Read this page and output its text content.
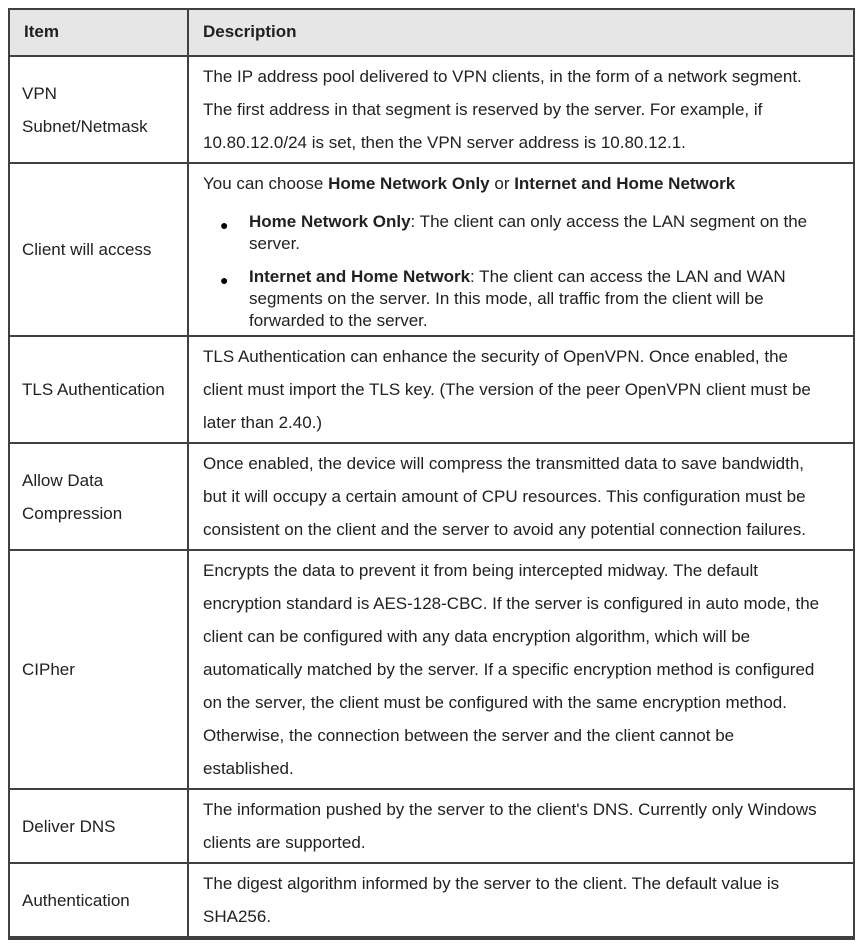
Item	Description

VPN
Subnet/Netmask	The IP address pool delivered to VPN clients, in the form of a network segment. The first address in that segment is reserved by the server. For example, if 10.80.12.0/24 is set, then the VPN server address is 10.80.12.1.

Client will access	You can choose Home Network Only or Internet and Home Network
● Home Network Only: The client can only access the LAN segment on the server.
● Internet and Home Network: The client can access the LAN and WAN segments on the server. In this mode, all traffic from the client will be forwarded to the server.

TLS Authentication	TLS Authentication can enhance the security of OpenVPN. Once enabled, the client must import the TLS key. (The version of the peer OpenVPN client must be later than 2.40.)

Allow Data
Compression	Once enabled, the device will compress the transmitted data to save bandwidth, but it will occupy a certain amount of CPU resources. This configuration must be consistent on the client and the server to avoid any potential connection failures.

CIPher	Encrypts the data to prevent it from being intercepted midway. The default encryption standard is AES-128-CBC. If the server is configured in auto mode, the client can be configured with any data encryption algorithm, which will be automatically matched by the server. If a specific encryption method is configured on the server, the client must be configured with the same encryption method. Otherwise, the connection between the server and the client cannot be established.

Deliver DNS	The information pushed by the server to the client's DNS. Currently only Windows clients are supported.

Authentication	The digest algorithm informed by the server to the client. The default value is SHA256.
